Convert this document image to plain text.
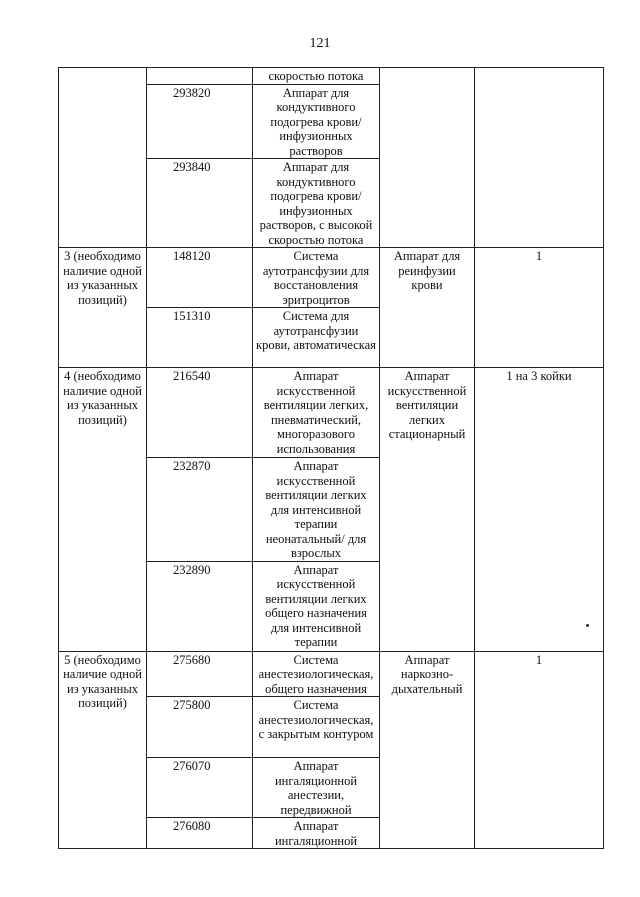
121
		скоростью потока		
	293820	Аппарат для кондуктивного подогрева крови/инфузионных растворов		
	293840	Аппарат для кондуктивного подогрева крови/инфузионных растворов, с высокой скоростью потока		
3 (необходимо наличие одной из указанных позиций)	148120	Система аутотрансфузии для восстановления эритроцитов	Аппарат для реинфузии крови	1
	151310	Система для аутотрансфузии крови, автоматическая		
4 (необходимо наличие одной из указанных позиций)	216540	Аппарат искусственной вентиляции легких, пневматический, многоразового использования	Аппарат искусственной вентиляции легких стационарный	1 на 3 койки
	232870	Аппарат искусственной вентиляции легких для интенсивной терапии неонатальный/ для взрослых		
	232890	Аппарат искусственной вентиляции легких общего назначения для интенсивной терапии		
5 (необходимо наличие одной из указанных позиций)	275680	Система анестезиологическая, общего назначения	Аппарат наркозно-дыхательный	1
	275800	Система анестезиологическая, с закрытым контуром		
	276070	Аппарат ингаляционной анестезии, передвижной		
	276080	Аппарат ингаляционной		
